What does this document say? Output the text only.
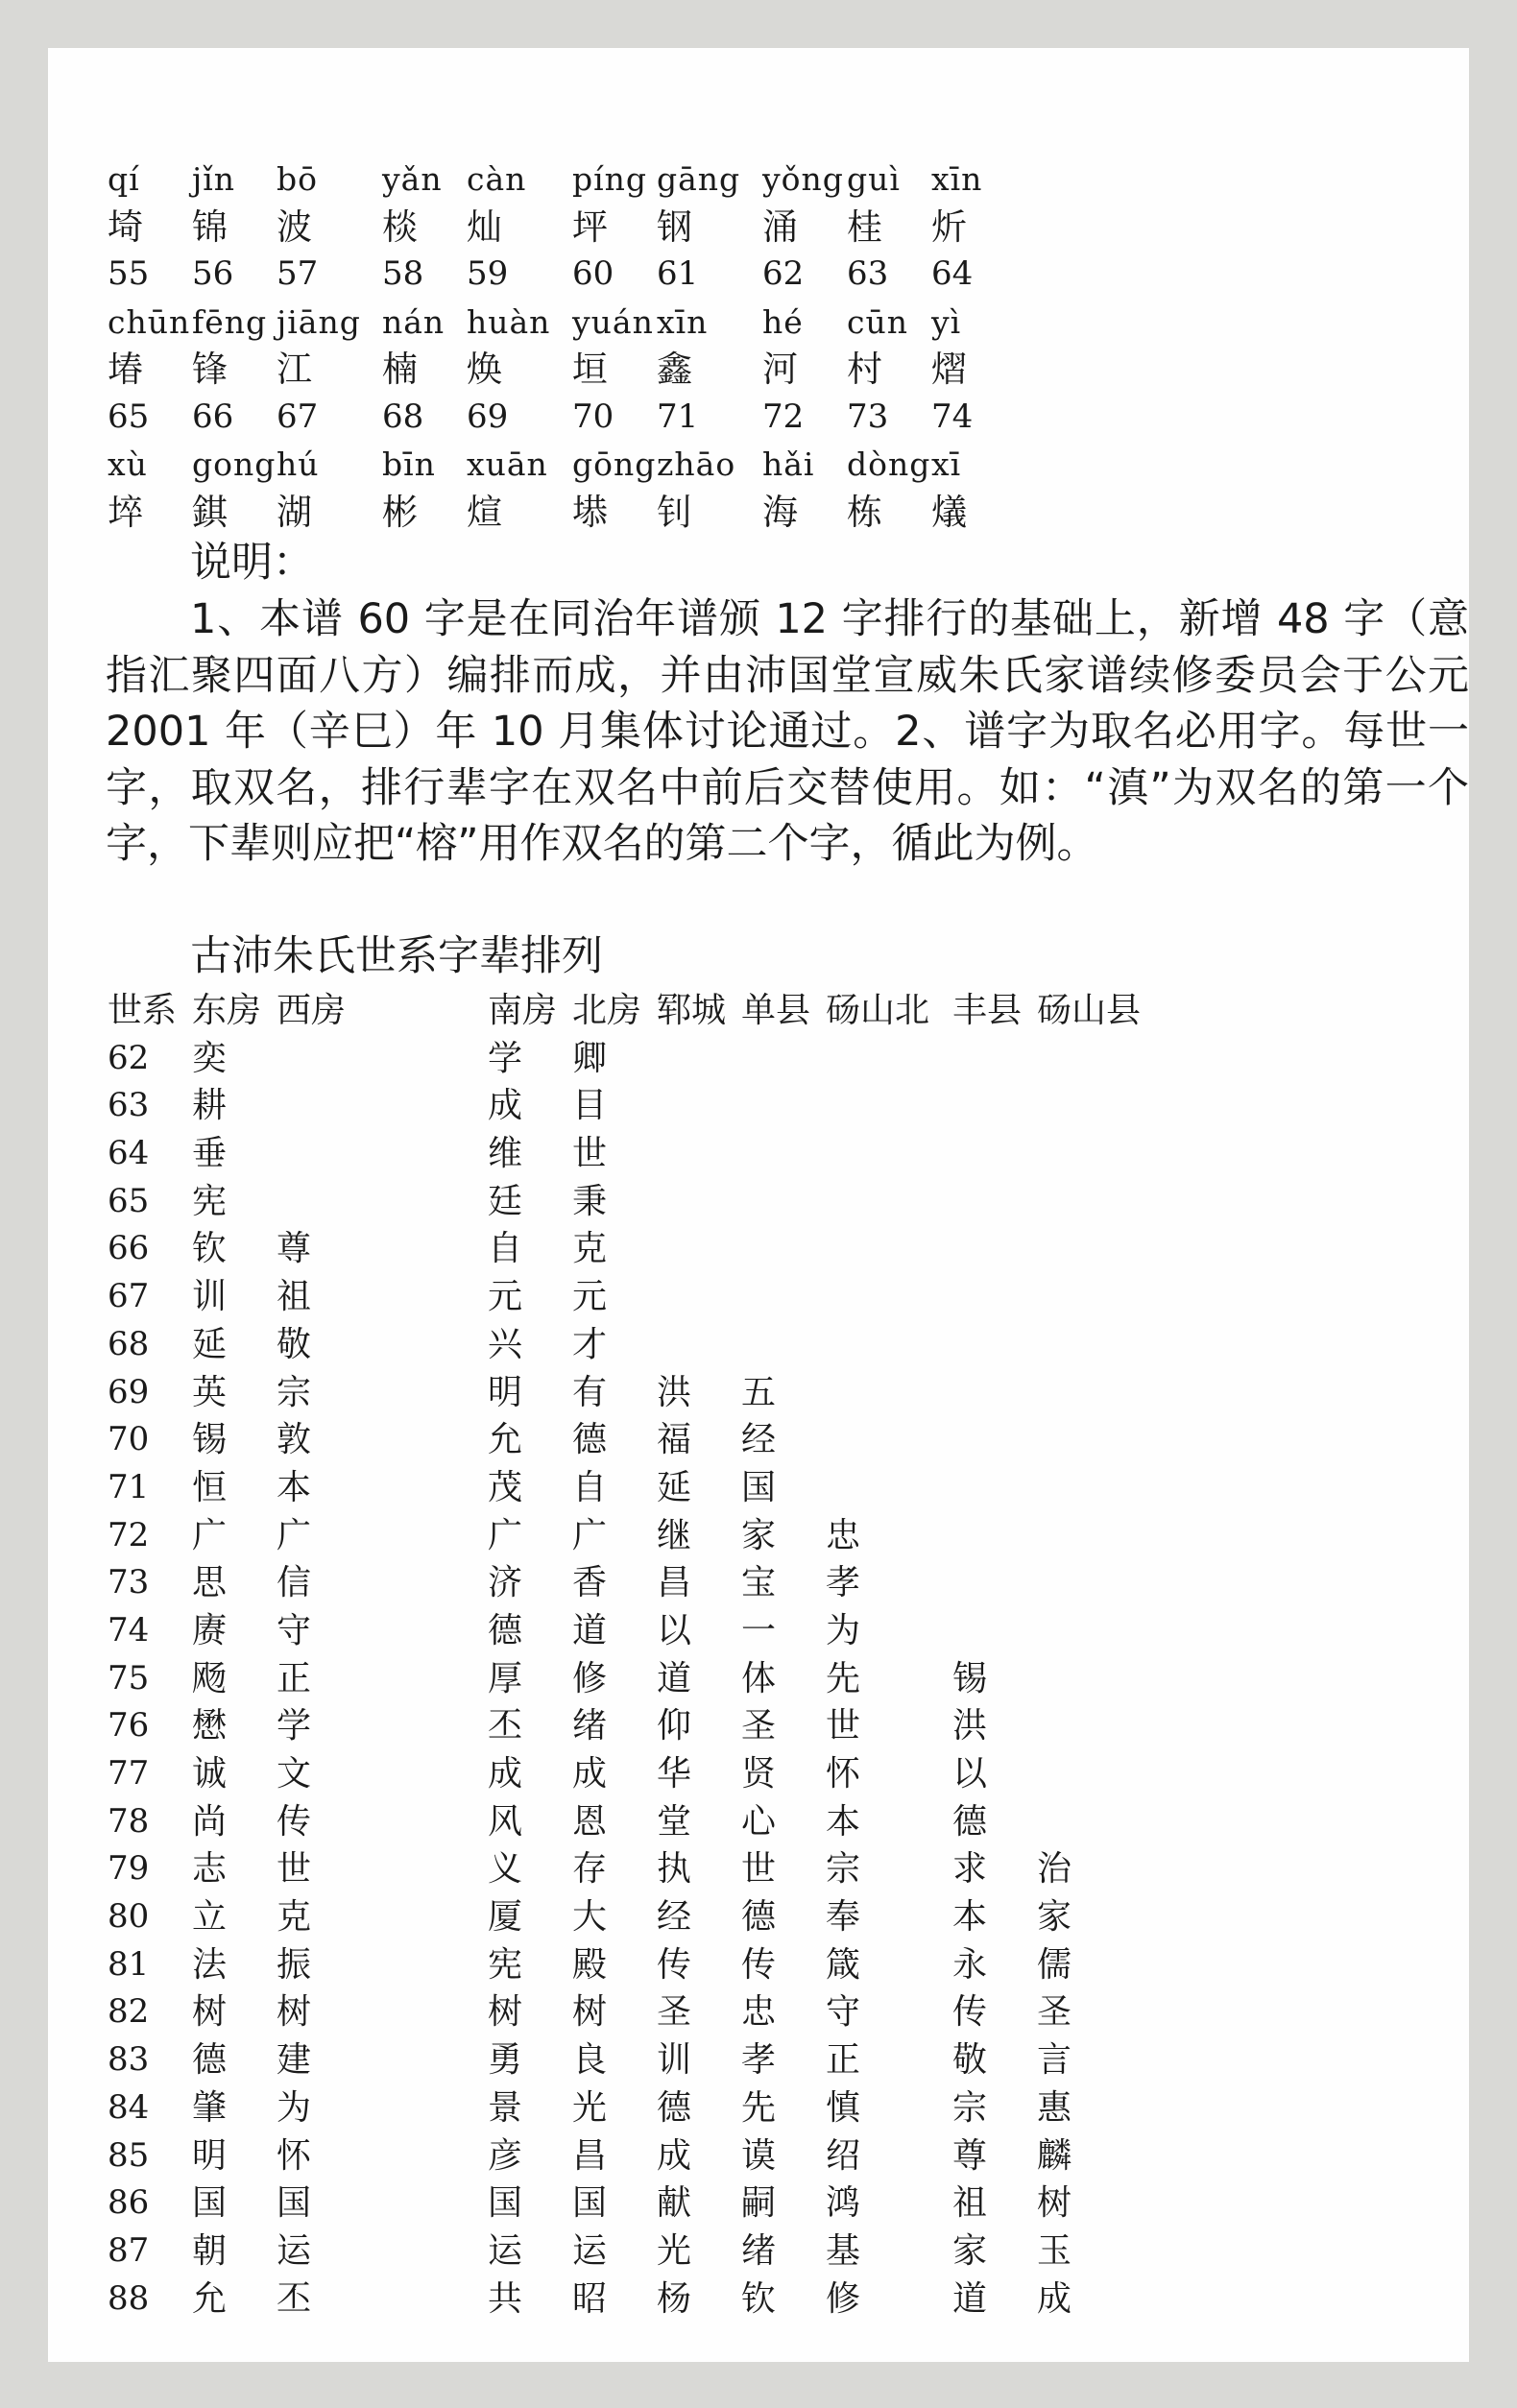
qí jǐn bō yǎn càn píng gāng yǒng guì xīn
埼 锦 波 棪 灿 坪 钢 涌 桂 炘
55 56 57 58 59 60 61 62 63 64
chūn fēng jiāng nán huàn yuán xīn hé cūn yì
堾 锋 江 楠 焕 垣 鑫 河 村 熠
65 66 67 68 69 70 71 72 73 74
xù gong hú bīn xuān gōng zhāo hǎi dòng xī
埣 錤 湖 彬 煊 塨 钊 海 栋 燨
说明：

1、本谱 60 字是在同治年谱颁 12 字排行的基础上，新增 48 字（意指汇聚四面八方）编排而成，并由沛国堂宣威朱氏家谱续修委员会于公元 2001 年（辛巳）年 10 月集体讨论通过。2、谱字为取名必用字。每世一字，取双名，排行辈字在双名中前后交替使用。如：“滇”为双名的第一个字，下辈则应把“榕”用作双名的第二个字，循此为例。

古沛朱氏世系字辈排列
世系 东房 西房	南房 北房 郓城 单县 砀山北 丰县 砀山县
62 奕	学 卿
63 耕	成 目
64 垂	维 世
65 宪	廷 秉
66 钦 尊	自 克
67 训 祖	元 元
68 延 敬	兴 才
69 英 宗	明 有 洪 五
70 锡 敦	允 德 福 经
71 恒 本	茂 自 延 国
72 广 广	广 广 继 家 忠
73 思 信	济 香 昌 宝 孝
74 赓 守	德 道 以 一 为
75 飏 正	厚 修 道 体 先	锡
76 懋 学	丕 绪 仰 圣 世	洪
77 诚 文	成 成 华 贤 怀	以
78 尚 传	风 恩 堂 心 本	德
79 志 世	义 存 执 世 宗	求 治
80 立 克	厦 大 经 德 奉	本 家
81 法 振	宪 殿 传 传 箴	永 儒
82 树 树	树 树 圣 忠 守	传 圣
83 德 建	勇 良 训 孝 正	敬 言
84 肇 为	景 光 德 先 慎	宗 惠
85 明 怀	彦 昌 成 谟 绍	尊 麟
86 国 国	国 国 献 嗣 鸿	祖 树
87 朝 运	运 运 光 绪 基	家 玉
88 允 丕	共 昭 杨 钦 修	道 成
